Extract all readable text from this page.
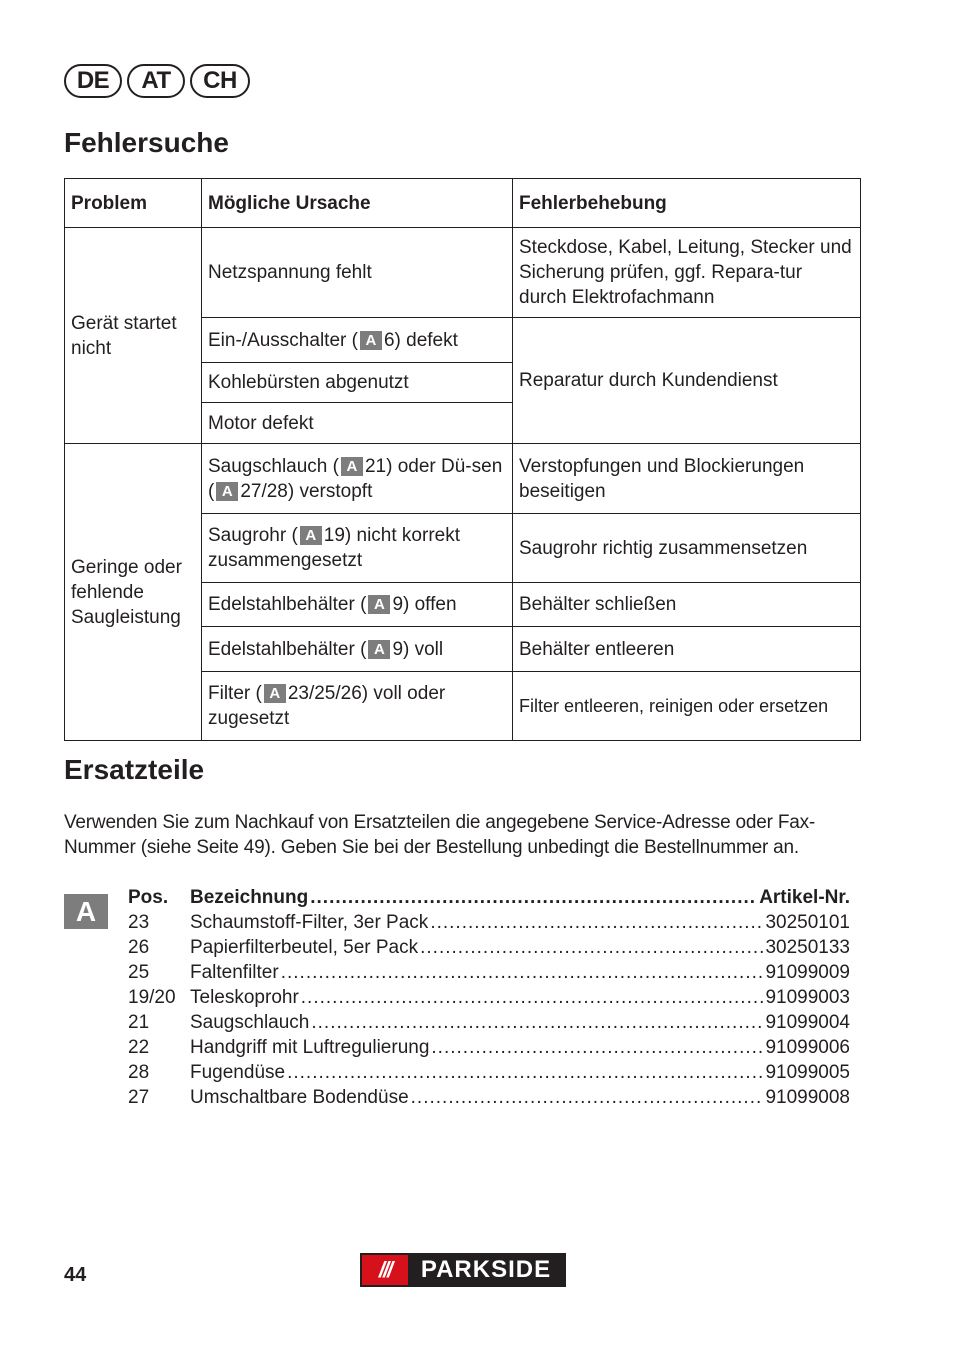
DE	AT	CH
Fehlersuche
Problem	Mögliche Ursache	Fehlerbehebung
Gerät startet nicht	Netzspannung fehlt	Steckdose, Kabel, Leitung, Stecker und Sicherung prüfen, ggf. Repara-tur durch Elektrofachmann
	Ein-/Ausschalter ( A 6) defekt	Reparatur durch Kundendienst
	Kohlebürsten abgenutzt	
	Motor defekt	
Geringe oder fehlende Saugleistung	Saugschlauch ( A 21) oder Dü-sen ( A 27/28) verstopft	Verstopfungen und Blockierungen beseitigen
	Saugrohr ( A 19) nicht korrekt zusammengesetzt	Saugrohr richtig zusammensetzen
	Edelstahlbehälter ( A 9) offen	Behälter schließen
	Edelstahlbehälter ( A 9) voll	Behälter entleeren
	Filter ( A 23/25/26) voll oder zugesetzt	Filter entleeren, reinigen oder ersetzen
Ersatzteile

Verwenden Sie zum Nachkauf von Ersatzteilen die angegebene Service-Adresse oder Fax-Nummer (siehe Seite 49). Geben Sie bei der Bestellung unbedingt die Bestellnummer an.

A	Pos.	Bezeichnung .....	Artikel-Nr.
23	Schaumstoff-Filter, 3er Pack .....	30250101
26	Papierfilterbeutel, 5er Pack .....	30250133
25	Faltenfilter .....	91099009
19/20 Teleskoprohr .....	91099003
21	Saugschlauch .....	91099004
22	Handgriff mit Luftregulierung .....	91099006
28	Fugendüse .....	91099005
27	Umschaltbare Bodendüse .....	91099008
44	///	PARKSIDE
